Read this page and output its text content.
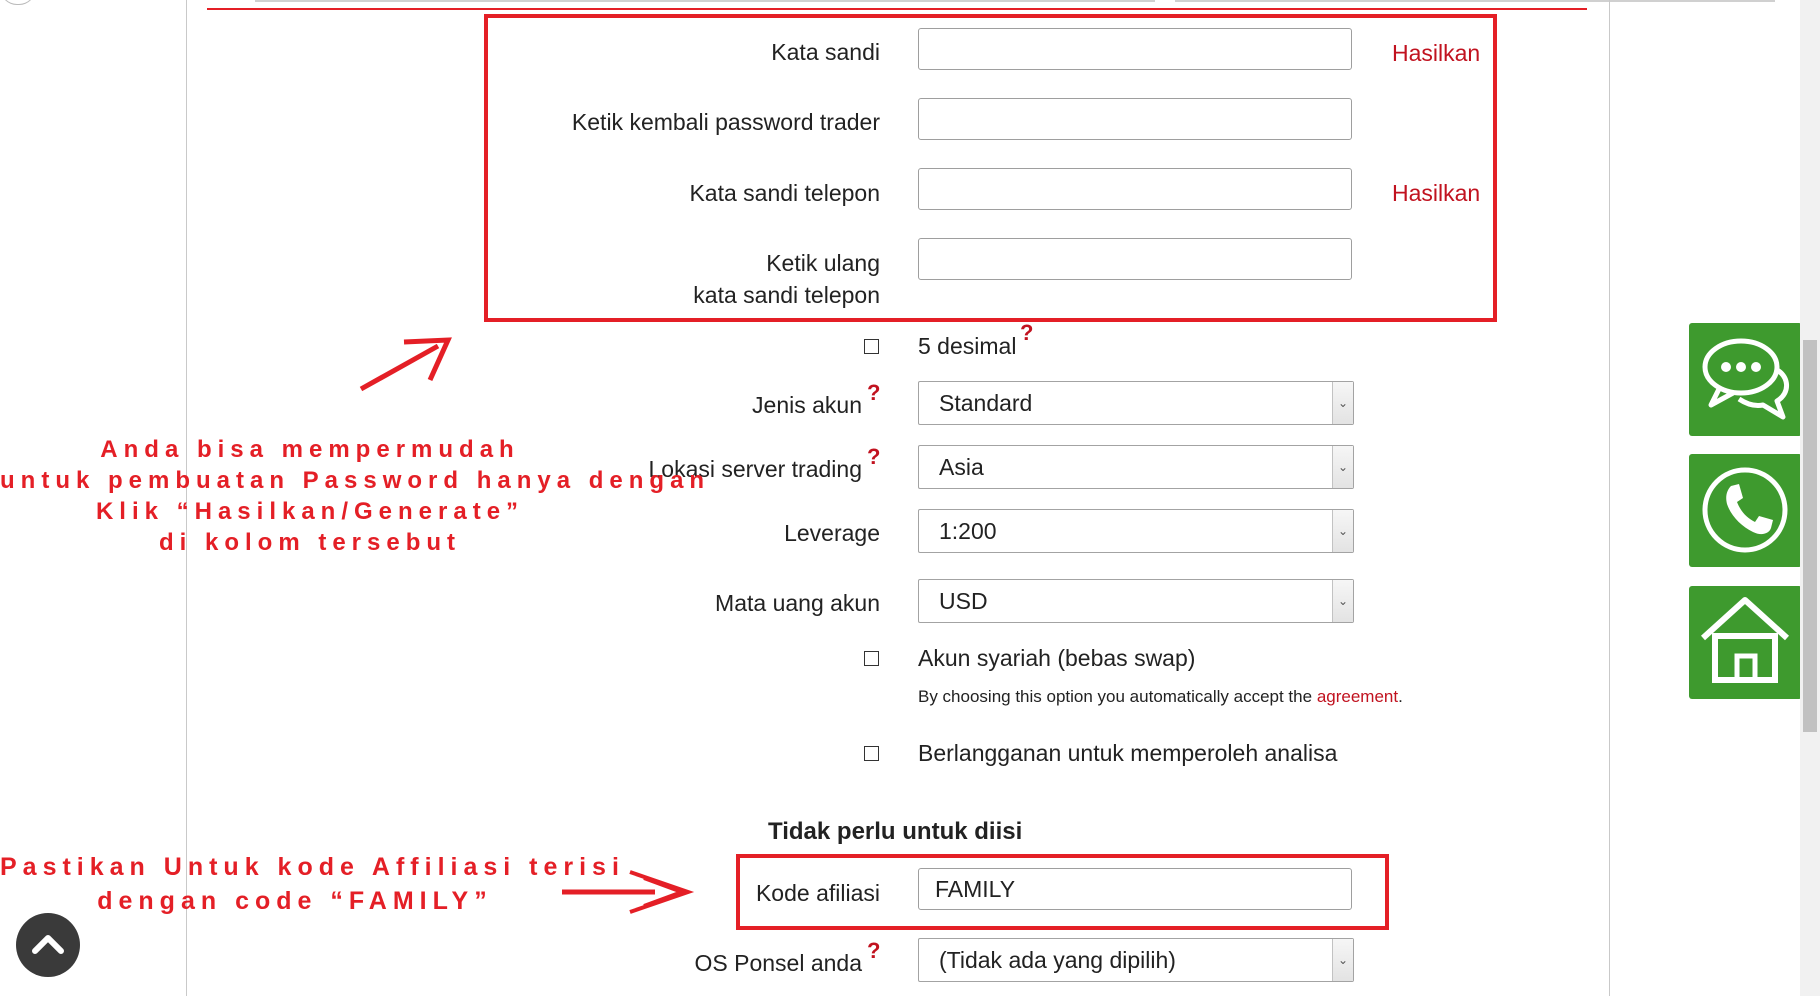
Kata sandi	Hasilkan
Ketik kembali password trader
Kata sandi telepon	Hasilkan
Ketik ulang
kata sandi telepon
5 desimal
?
Jenis akun ?	Standard	⌄
Lokasi server trading ?	Asia	⌄
Leverage	1:200	⌄
Mata uang akun	USD	⌄
Akun syariah (bebas swap)
By choosing this option you automatically accept the agreement.
Berlangganan untuk memperoleh analisa
Tidak perlu untuk diisi
Kode afiliasi	FAMILY
OS Ponsel anda ?	(Tidak ada yang dipilih)	⌄
Anda bisa mempermudah
untuk pembuatan Password hanya dengan
Klik “Hasilkan/Generate”
di kolom tersebut
Pastikan Untuk kode Affiliasi terisi
dengan code “FAMILY”
